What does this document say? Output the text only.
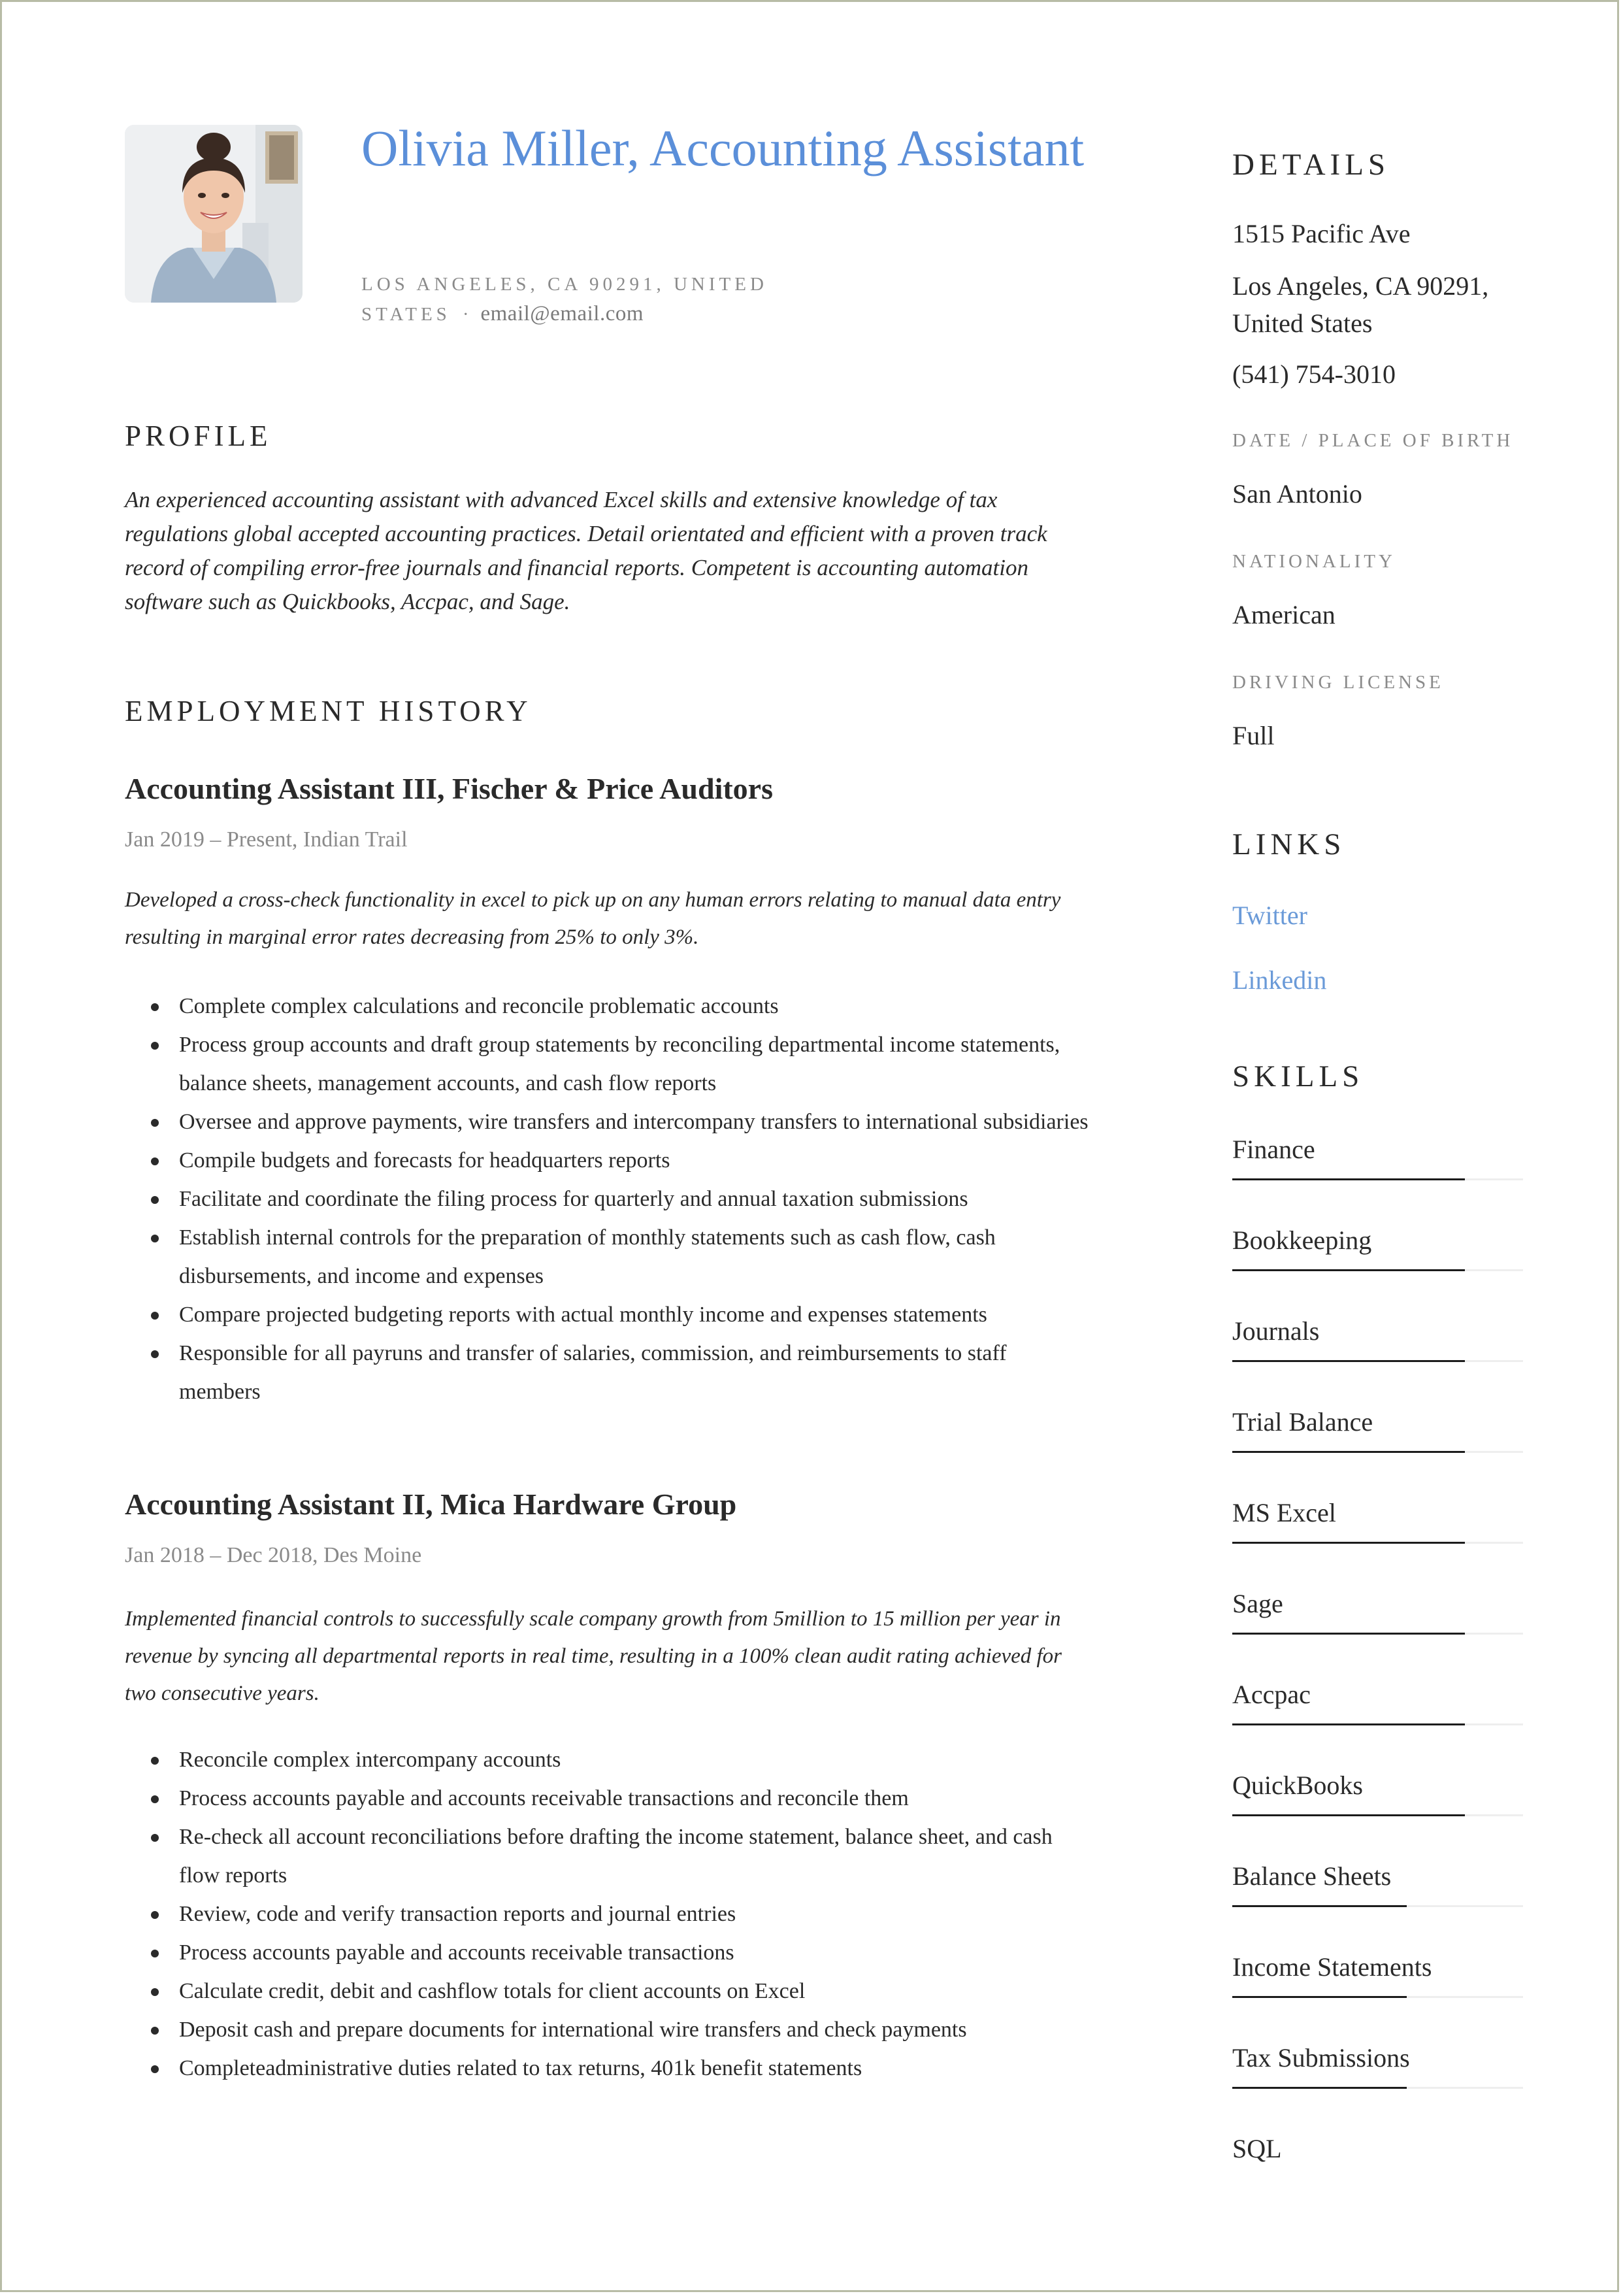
Olivia Miller, Accounting Assistant
LOS ANGELES, CA 90291, UNITED STATES · email@email.com
PROFILE

An experienced accounting assistant with advanced Excel skills and extensive knowledge of tax regulations global accepted accounting practices. Detail orientated and efficient with a proven track record of compiling error-free journals and financial reports. Competent is accounting automation software such as Quickbooks, Accpac, and Sage.

EMPLOYMENT HISTORY
Accounting Assistant III, Fischer & Price Auditors
Jan 2019 – Present, Indian Trail

Developed a cross-check functionality in excel to pick up on any human errors relating to manual data entry resulting in marginal error rates decreasing from 25% to only 3%.

Complete complex calculations and reconcile problematic accounts
Process group accounts and draft group statements by reconciling departmental income statements, balance sheets, management accounts, and cash flow reports
Oversee and approve payments, wire transfers and intercompany transfers to international subsidiaries
Compile budgets and forecasts for headquarters reports
Facilitate and coordinate the filing process for quarterly and annual taxation submissions
Establish internal controls for the preparation of monthly statements such as cash flow, cash disbursements, and income and expenses
Compare projected budgeting reports with actual monthly income and expenses statements
Responsible for all payruns and transfer of salaries, commission, and reimbursements to staff members
Accounting Assistant II, Mica Hardware Group
Jan 2018 – Dec 2018, Des Moine

Implemented financial controls to successfully scale company growth from 5million to 15 million per year in revenue by syncing all departmental reports in real time, resulting in a 100% clean audit rating achieved for two consecutive years.

Reconcile complex intercompany accounts
Process accounts payable and accounts receivable transactions and reconcile them
Re-check all account reconciliations before drafting the income statement, balance sheet, and cash flow reports
Review, code and verify transaction reports and journal entries
Process accounts payable and accounts receivable transactions
Calculate credit, debit and cashflow totals for client accounts on Excel
Deposit cash and prepare documents for international wire transfers and check payments
Completeadministrative duties related to tax returns, 401k benefit statements
DETAILS
1515 Pacific Ave
Los Angeles, CA 90291, United States
(541) 754-3010
DATE / PLACE OF BIRTH
San Antonio
NATIONALITY
American
DRIVING LICENSE
Full
LINKS
Twitter
Linkedin
SKILLS
Finance
Bookkeeping
Journals
Trial Balance
MS Excel
Sage
Accpac
QuickBooks
Balance Sheets
Income Statements
Tax Submissions
SQL
